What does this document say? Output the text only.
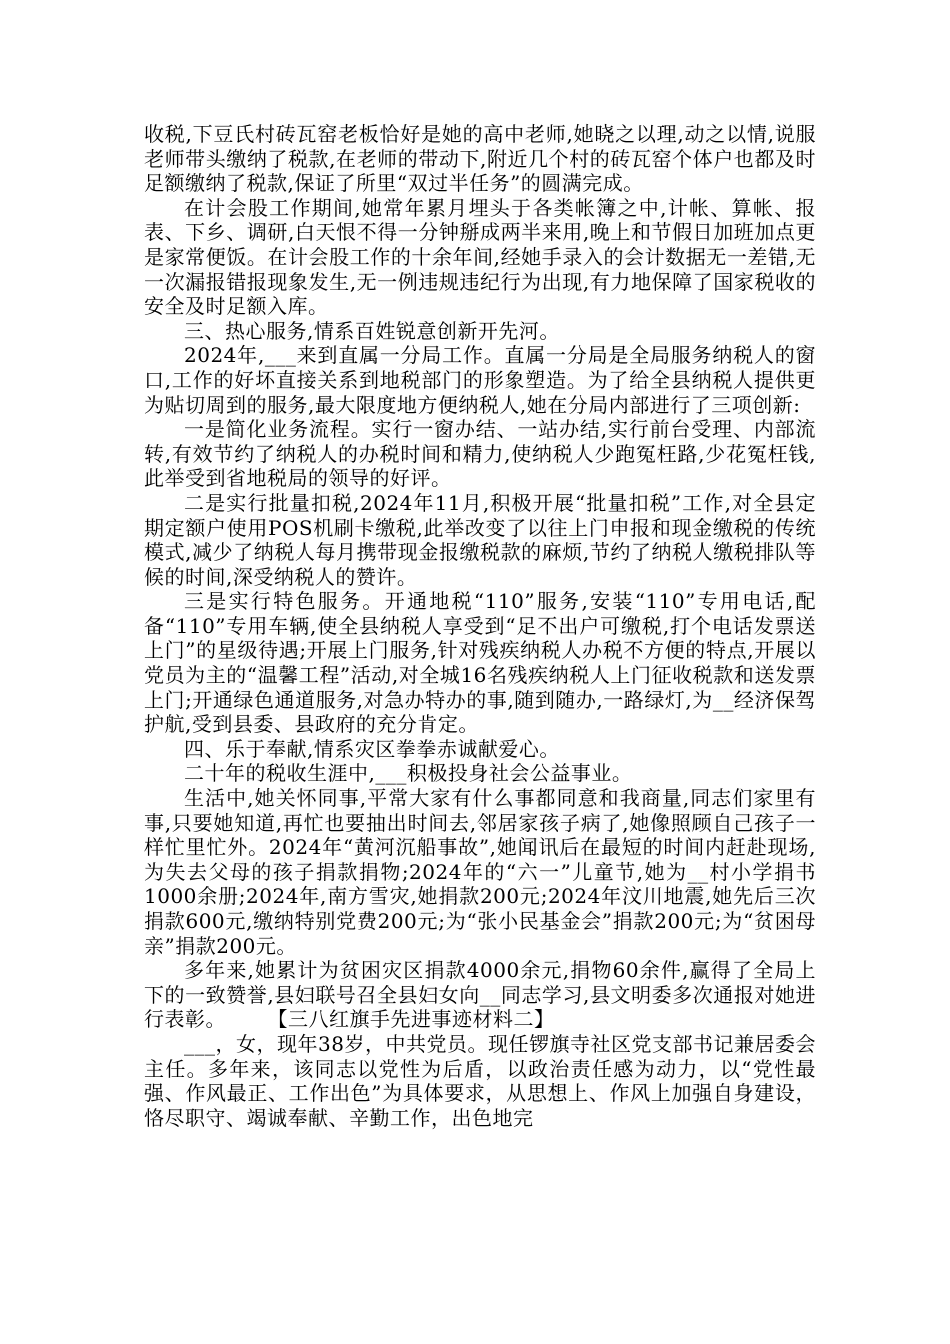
收税,下豆氏村砖瓦窑老板恰好是她的高中老师,她晓之以理,动之以情,说服老师带头缴纳了税款,在老师的带动下,附近几个村的砖瓦窑个体户也都及时足额缴纳了税款,保证了所里“双过半任务”的圆满完成。

在计会股工作期间,她常年累月埋头于各类帐簿之中,计帐、算帐、报表、下乡、调研,白天恨不得一分钟掰成两半来用,晚上和节假日加班加点更是家常便饭。在计会股工作的十余年间,经她手录入的会计数据无一差错,无一次漏报错报现象发生,无一例违规违纪行为出现,有力地保障了国家税收的安全及时足额入库。

三、热心服务,情系百姓锐意创新开先河。

2024年,___来到直属一分局工作。直属一分局是全局服务纳税人的窗口,工作的好坏直接关系到地税部门的形象塑造。为了给全县纳税人提供更为贴切周到的服务,最大限度地方便纳税人,她在分局内部进行了三项创新:

一是简化业务流程。实行一窗办结、一站办结,实行前台受理、内部流转,有效节约了纳税人的办税时间和精力,使纳税人少跑冤枉路,少花冤枉钱,此举受到省地税局的领导的好评。

二是实行批量扣税,2024年11月,积极开展“批量扣税”工作,对全县定期定额户使用POS机刷卡缴税,此举改变了以往上门申报和现金缴税的传统模式,减少了纳税人每月携带现金报缴税款的麻烦,节约了纳税人缴税排队等候的时间,深受纳税人的赞许。

三是实行特色服务。开通地税“110”服务,安装“110”专用电话,配备“110”专用车辆,使全县纳税人享受到“足不出户可缴税,打个电话发票送上门”的星级待遇;开展上门服务,针对残疾纳税人办税不方便的特点,开展以党员为主的“温馨工程”活动,对全城16名残疾纳税人上门征收税款和送发票上门;开通绿色通道服务,对急办特办的事,随到随办,一路绿灯,为__经济保驾护航,受到县委、县政府的充分肯定。

四、乐于奉献,情系灾区拳拳赤诚献爱心。

二十年的税收生涯中,___积极投身社会公益事业。

生活中,她关怀同事,平常大家有什么事都同意和我商量,同志们家里有事,只要她知道,再忙也要抽出时间去,邻居家孩子病了,她像照顾自己孩子一样忙里忙外。2024年“黄河沉船事故”,她闻讯后在最短的时间内赶赴现场,为失去父母的孩子捐款捐物;2024年的“六一”儿童节,她为__村小学捐书1000余册;2024年,南方雪灾,她捐款200元;2024年汶川地震,她先后三次捐款600元,缴纳特别党费200元;为“张小民基金会”捐款200元;为“贫困母亲”捐款200元。

多年来,她累计为贫困灾区捐款4000余元,捐物60余件,赢得了全局上下的一致赞誉,县妇联号召全县妇女向__同志学习,县文明委多次通报对她进行表彰。　　　【三八红旗手先进事迹材料二】

___，女，现年38岁，中共党员。现任锣旗寺社区党支部书记兼居委会主任。多年来，该同志以党性为后盾，以政治责任感为动力，以“党性最强、作风最正、工作出色”为具体要求，从思想上、作风上加强自身建设，恪尽职守、竭诚奉献、辛勤工作，出色地完
